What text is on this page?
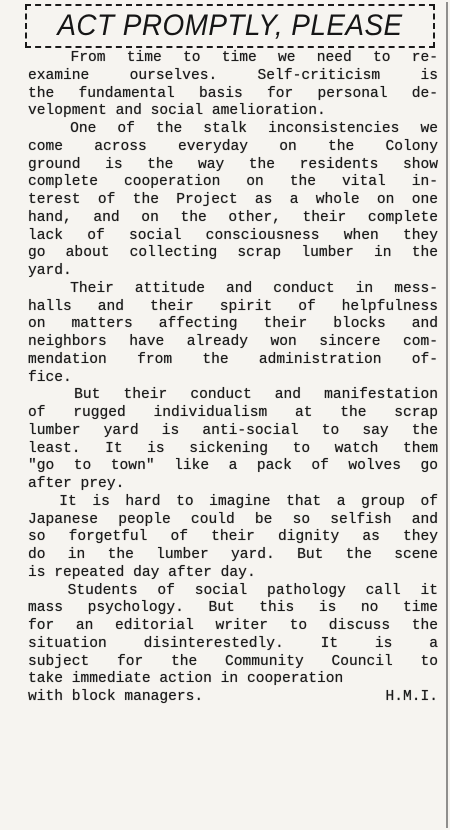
ACT PROMPTLY, PLEASE
From time to time we need to re-
examine ourselves. Self-criticism is
the fundamental basis for personal de-
velopment and social amelioration.
One of the stalk inconsistencies we
come across everyday on the Colony
ground is the way the residents show
complete cooperation on the vital in-
terest of the Project as a whole on one
hand, and on the other, their complete
lack of social consciousness when they
go about collecting scrap lumber in the
yard.
Their attitude and conduct in mess-
halls and their spirit of helpfulness
on matters affecting their blocks and
neighbors have already won sincere com-
mendation from the administration of-
fice.
But their conduct and manifestation
of rugged individualism at the scrap
lumber yard is anti-social to say the
least. It is sickening to watch them
"go to town" like a pack of wolves go
after prey.
It is hard to imagine that a group of
Japanese people could be so selfish and
so forgetful of their dignity as they
do in the lumber yard. But the scene
is repeated day after day.
Students of social pathology call it
mass psychology. But this is no time
for an editorial writer to discuss the
situation disinterestedly. It is a
subject for the Community Council to
take immediate action in cooperation
with block managers.	H.M.I.
